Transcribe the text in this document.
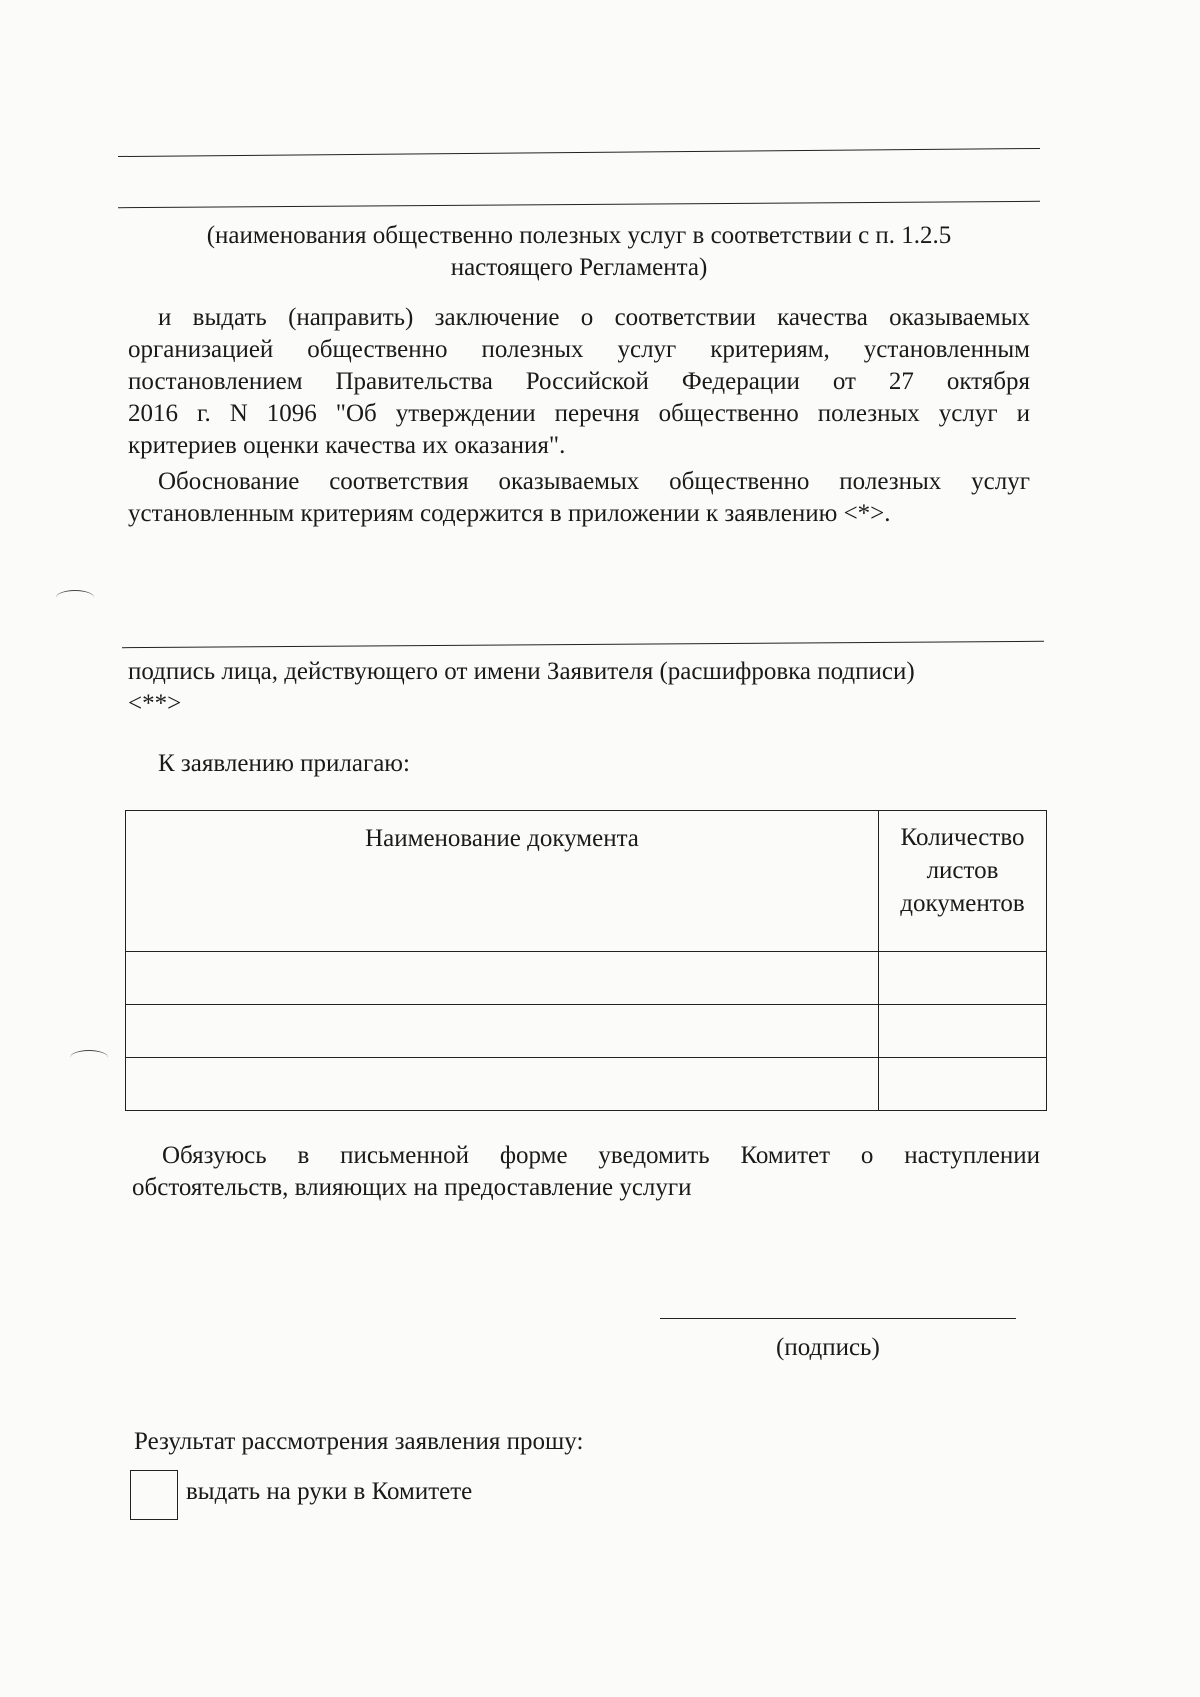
(наименования общественно полезных услуг в соответствии с п. 1.2.5
настоящего Регламента)
и выдать (направить) заключение о соответствии качества оказываемых
организацией общественно полезных услуг критериям, установленным
постановлением Правительства Российской Федерации от 27 октября
2016 г. N 1096 "Об утверждении перечня общественно полезных услуг и
критериев оценки качества их оказания".
Обоснование соответствия оказываемых общественно полезных услуг
установленным критериям содержится в приложении к заявлению <*>.
подпись лица, действующего от имени Заявителя (расшифровка подписи)
<**>
К заявлению прилагаю:
Наименование документа	Количество
листов
документов

Обязуюсь в письменной форме уведомить Комитет о наступлении
обстоятельств, влияющих на предоставление услуги
(подпись)
Результат рассмотрения заявления прошу:
выдать на руки в Комитете
